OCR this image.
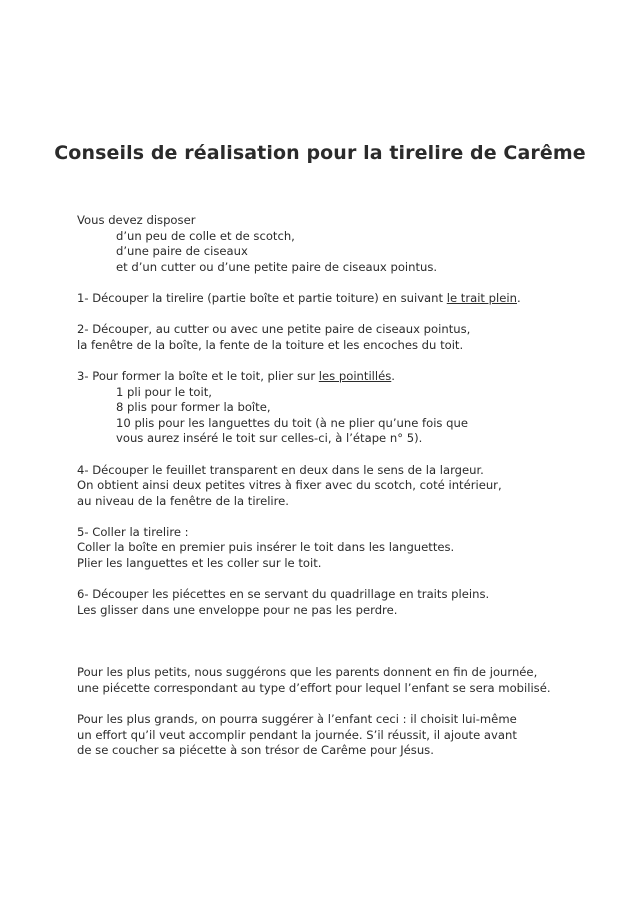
Conseils de réalisation pour la tirelire de Carême
Vous devez disposer
d’un peu de colle et de scotch,
d’une paire de ciseaux
et d’un cutter ou d’une petite paire de ciseaux pointus.
1- Découper la tirelire (partie boîte et partie toiture) en suivant le trait plein.
2- Découper, au cutter ou avec une petite paire de ciseaux pointus,
la fenêtre de la boîte, la fente de la toiture et les encoches du toit.
3- Pour former la boîte et le toit, plier sur les pointillés.
1 pli pour le toit,
8 plis pour former la boîte,
10 plis pour les languettes du toit (à ne plier qu’une fois que
vous aurez inséré le toit sur celles-ci, à l’étape n° 5).
4- Découper le feuillet transparent en deux dans le sens de la largeur.
On obtient ainsi deux petites vitres à fixer avec du scotch, coté intérieur,
au niveau de la fenêtre de la tirelire.
5- Coller la tirelire :
Coller la boîte en premier puis insérer le toit dans les languettes.
Plier les languettes et les coller sur le toit.
6- Découper les piécettes en se servant du quadrillage en traits pleins.
Les glisser dans une enveloppe pour ne pas les perdre.
Pour les plus petits, nous suggérons que les parents donnent en fin de journée,
une piécette correspondant au type d’effort pour lequel l’enfant se sera mobilisé.
Pour les plus grands, on pourra suggérer à l’enfant ceci : il choisit lui-même
un effort qu’il veut accomplir pendant la journée. S’il réussit, il ajoute avant
de se coucher sa piécette à son trésor de Carême pour Jésus.
